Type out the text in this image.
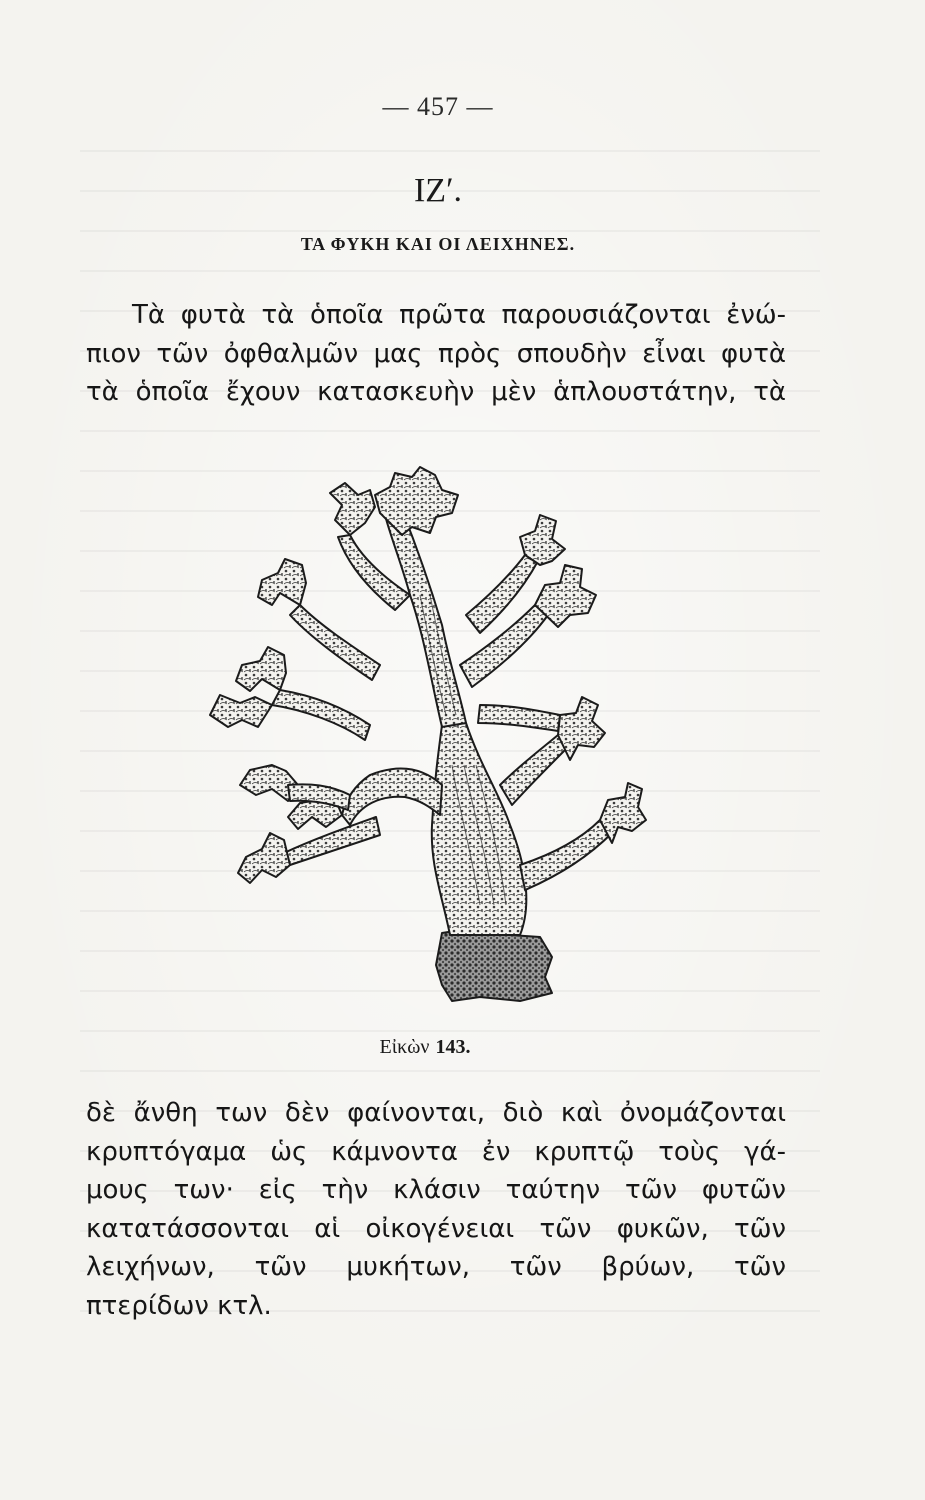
— 457 —
ΙΖʹ.
ΤΑ ΦΥΚΗ ΚΑΙ ΟΙ ΛΕΙΧΗΝΕΣ.
Τὰ φυτὰ τὰ ὁποῖα πρῶτα παρουσιάζονται ἐνώ-
πιον τῶν ὀφθαλμῶν μας πρὸς σπουδὴν εἶναι φυτὰ
τὰ ὁποῖα ἔχουν κατασκευὴν μὲν ἁπλουστάτην, τὰ
Εἰκὼν 143.
δὲ ἄνθη των δὲν φαίνονται, διὸ καὶ ὀνομάζονται
κρυπτόγαμα ὡς κάμνοντα ἐν κρυπτῷ τοὺς γά-
μους των· εἰς τὴν κλάσιν ταύτην τῶν φυτῶν
κατατάσσονται αἱ οἰκογένειαι τῶν φυκῶν, τῶν
λειχήνων, τῶν μυκήτων, τῶν βρύων, τῶν
πτερίδων κτλ.
